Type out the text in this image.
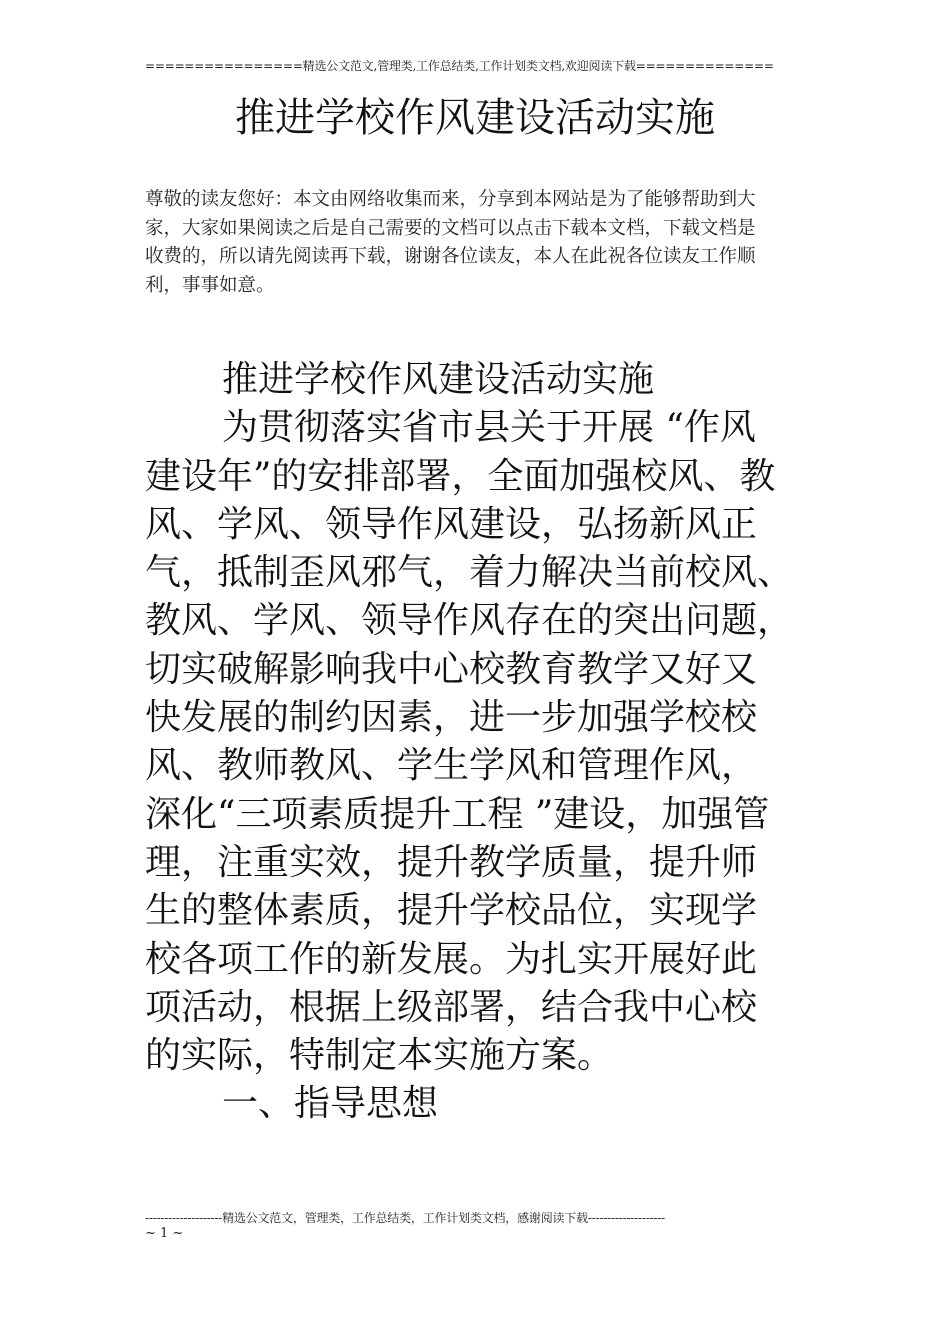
================精选公文范文,管理类,工作总结类,工作计划类文档,欢迎阅读下载==============
推进学校作风建设活动实施
尊敬的读友您好：本文由网络收集而来，分享到本网站是为了能够帮助到大
家，大家如果阅读之后是自己需要的文档可以点击下载本文档，下载文档是
收费的，所以请先阅读再下载，谢谢各位读友，本人在此祝各位读友工作顺
利，事事如意。
推进学校作风建设活动实施
为贯彻落实省市县关于开展 “作风
建设年”的安排部署，全面加强校风、教
风、学风、领导作风建设，弘扬新风正
气，抵制歪风邪气，着力解决当前校风、
教风、学风、领导作风存在的突出问题，
切实破解影响我中心校教育教学又好又
快发展的制约因素，进一步加强学校校
风、教师教风、学生学风和管理作风，
深化“三项素质提升工程 ”建设，加强管
理，注重实效，提升教学质量，提升师
生的整体素质，提升学校品位，实现学
校各项工作的新发展。为扎实开展好此
项活动，根据上级部署，结合我中心校
的实际，特制定本实施方案。
一、指导思想
--------------------精选公文范文，管理类，工作总结类，工作计划类文档，感谢阅读下载--------------------
~ 1 ~
